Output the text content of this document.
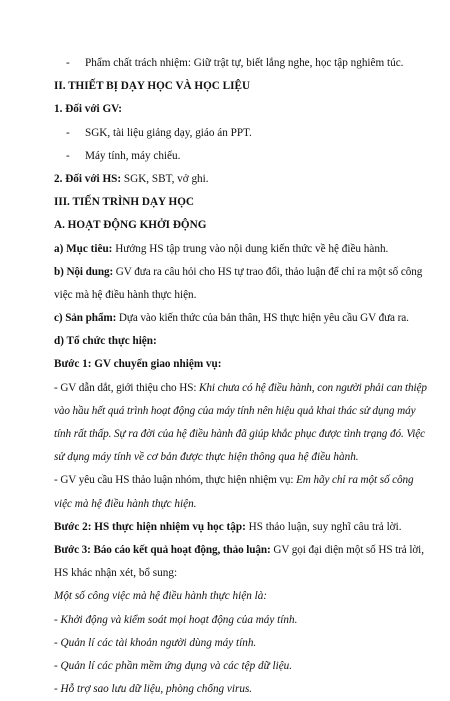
- Phẩm chất trách nhiệm: Giữ trật tự, biết lắng nghe, học tập nghiêm túc.
II. THIẾT BỊ DẠY HỌC VÀ HỌC LIỆU
1. Đối với GV:
- SGK, tài liệu giảng dạy, giáo án PPT.
- Máy tính, máy chiếu.
2. Đối với HS: SGK, SBT, vở ghi.
III. TIẾN TRÌNH DẠY HỌC
A. HOẠT ĐỘNG KHỞI ĐỘNG
a) Mục tiêu: Hướng HS tập trung vào nội dung kiến thức về hệ điều hành.
b) Nội dung: GV đưa ra câu hỏi cho HS tự trao đổi, thảo luận để chỉ ra một số công
việc mà hệ điều hành thực hiện.
c) Sản phẩm: Dựa vào kiến thức của bản thân, HS thực hiện yêu cầu GV đưa ra.
d) Tổ chức thực hiện:
Bước 1: GV chuyển giao nhiệm vụ:
- GV dẫn dắt, giới thiệu cho HS: Khi chưa có hệ điều hành, con người phải can thiệp
vào hầu hết quá trình hoạt động của máy tính nên hiệu quả khai thác sử dụng máy
tính rất thấp. Sự ra đời của hệ điều hành đã giúp khắc phục được tình trạng đó. Việc
sử dụng máy tính về cơ bản được thực hiện thông qua hệ điều hành.
- GV yêu cầu HS thảo luận nhóm, thực hiện nhiệm vụ: Em hãy chỉ ra một số công
việc mà hệ điều hành thực hiện.
Bước 2: HS thực hiện nhiệm vụ học tập: HS thảo luận, suy nghĩ câu trả lời.
Bước 3: Báo cáo kết quả hoạt động, thảo luận: GV gọi đại diện một số HS trả lời,
HS khác nhận xét, bổ sung:
Một số công việc mà hệ điều hành thực hiện là:
- Khởi động và kiểm soát mọi hoạt động của máy tính.
- Quản lí các tài khoản người dùng máy tính.
- Quản lí các phần mềm ứng dụng và các tệp dữ liệu.
- Hỗ trợ sao lưu dữ liệu, phòng chống virus.
